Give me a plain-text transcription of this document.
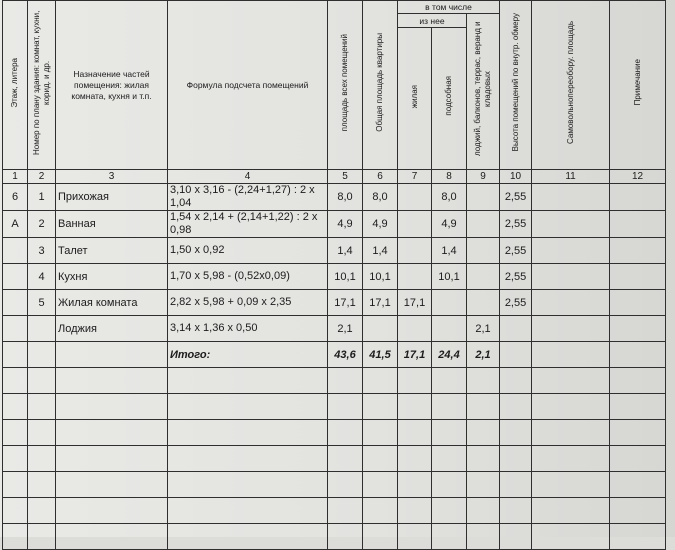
Этаж, литера	Номер по плану здания: комнат, кухни, корид. и др.	Назначение частей помещения: жилая комната, кухня и т.п.	Формула подсчета помещений	площадь всех помещений	Общая площадь квартиры	в том числе			Высота помещений по внутр. обмеру	Самовольнопереобору. площадь	Примечание
						из нее		лоджий, балконов, террас, веранд и кладовых			
						жилая	подсобная				
1	2	3	4	5	6	7	8	9	10	11	12
6	1	Прихожая	3,10 x 3,16 - (2,24+1,27) : 2 x 1,04	8,0	8,0		8,0		2,55		
А	2	Ванная	1,54 x 2,14 + (2,14+1,22) : 2 x 0,98	4,9	4,9		4,9		2,55		
	3	Талет	1,50 x 0,92	1,4	1,4		1,4		2,55		
	4	Кухня	1,70 x 5,98 - (0,52x0,09)	10,1	10,1		10,1		2,55		
	5	Жилая комната	2,82 x 5,98 + 0,09 x 2,35	17,1	17,1	17,1			2,55		
		Лоджия	3,14 x 1,36 x 0,50	2,1				2,1			
			Итого:	43,6	41,5	17,1	24,4	2,1			
